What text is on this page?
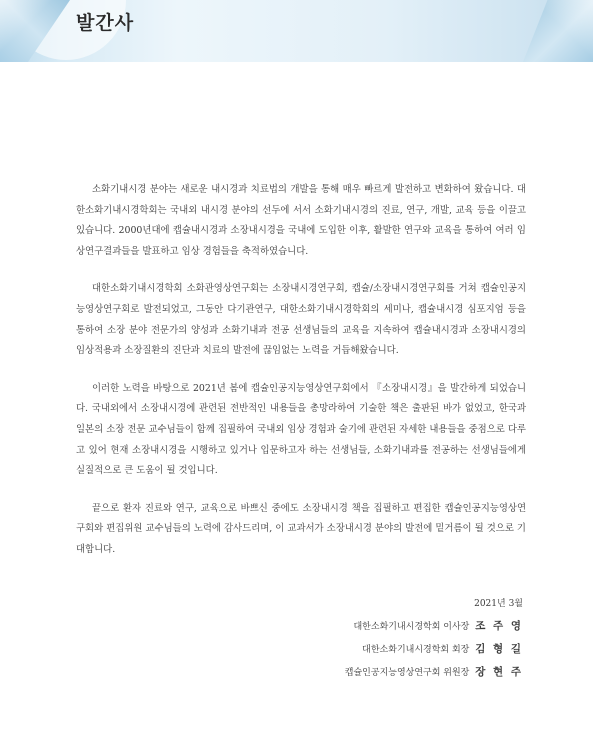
발간사

소화기내시경 분야는 새로운 내시경과 치료법의 개발을 통해 매우 빠르게 발전하고 변화하여 왔습니다. 대한소화기내시경학회는 국내외 내시경 분야의 선두에 서서 소화기내시경의 진료, 연구, 개발, 교육 등을 이끌고 있습니다. 2000년대에 캡슐내시경과 소장내시경을 국내에 도입한 이후, 활발한 연구와 교육을 통하여 여러 임상연구결과들을 발표하고 임상 경험들을 축적하였습니다.

대한소화기내시경학회 소화관영상연구회는 소장내시경연구회, 캡슐/소장내시경연구회를 거쳐 캡슐인공지능영상연구회로 발전되었고, 그동안 다기관연구, 대한소화기내시경학회의 세미나, 캡슐내시경 심포지엄 등을 통하여 소장 분야 전문가의 양성과 소화기내과 전공 선생님들의 교육을 지속하여 캡슐내시경과 소장내시경의 임상적용과 소장질환의 진단과 치료의 발전에 끊임없는 노력을 거듭해왔습니다.

이러한 노력을 바탕으로 2021년 봄에 캡슐인공지능영상연구회에서 『소장내시경』을 발간하게 되었습니다. 국내외에서 소장내시경에 관련된 전반적인 내용들을 총망라하여 기술한 책은 출판된 바가 없었고, 한국과 일본의 소장 전문 교수님들이 함께 집필하여 국내외 임상 경험과 술기에 관련된 자세한 내용들을 중점으로 다루고 있어 현재 소장내시경을 시행하고 있거나 입문하고자 하는 선생님들, 소화기내과를 전공하는 선생님들에게 실질적으로 큰 도움이 될 것입니다.

끝으로 환자 진료와 연구, 교육으로 바쁘신 중에도 소장내시경 책을 집필하고 편집한 캡슐인공지능영상연구회와 편집위원 교수님들의 노력에 감사드리며, 이 교과서가 소장내시경 분야의 발전에 밑거름이 될 것으로 기대합니다.

2021년 3월
대한소화기내시경학회 이사장 조 주 영
대한소화기내시경학회 회장 김 형 길
캡슐인공지능영상연구회 위원장 장 현 주
